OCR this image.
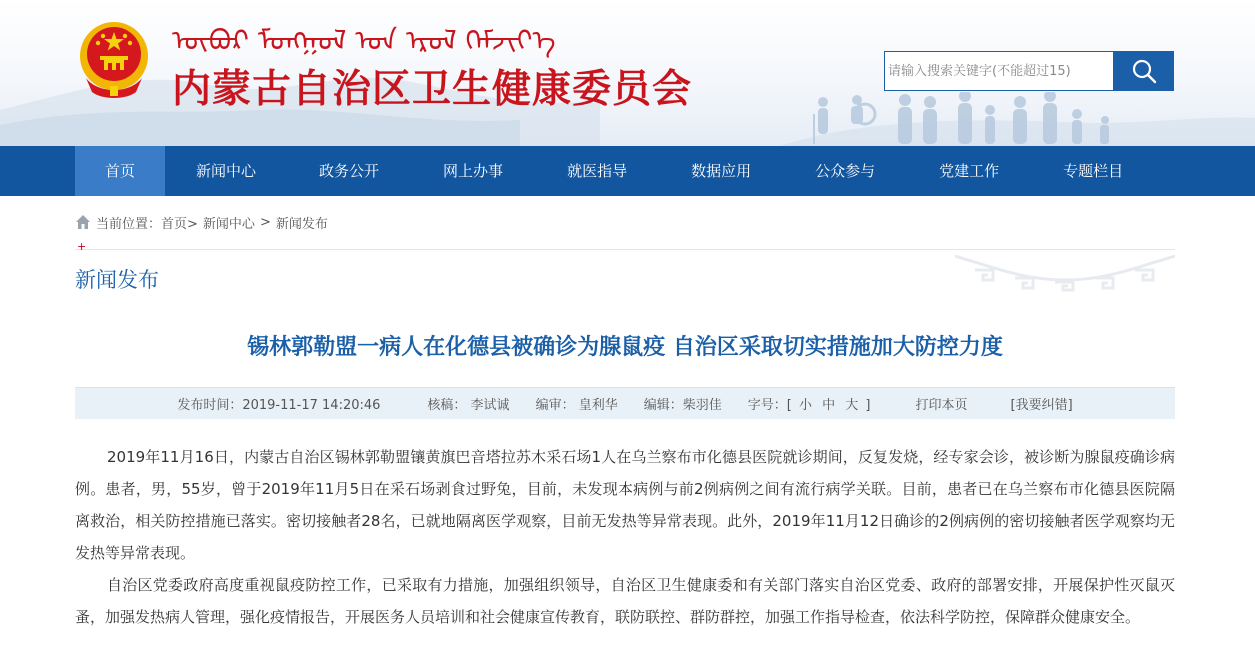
ᠥᠪᠦᠷ ᠮᠣᠩᠭᠣᠯ ᠤᠨ ᠡᠷᠦᠯ ᠬᠡᠮᠵᠢᠶ᠎ᠡ
内蒙古自治区卫生健康委员会
请输入搜索关键字(不能超过15)
首页	新闻中心	政务公开	网上办事	就医指导	数据应用	公众参与	党建工作	专题栏目
当前位置： 首页> 新闻中心 > 新闻发布
+
新闻发布
锡林郭勒盟一病人在化德县被确诊为腺鼠疫 自治区采取切实措施加大防控力度
发布时间：2019-11-17 14:20:46	核稿： 李试诚 编审： 皇利华 编辑：柴羽佳 字号：[ 小 中 大 ]	打印本页	[我要纠错]

2019年11月16日，内蒙古自治区锡林郭勒盟镶黄旗巴音塔拉苏木采石场1人在乌兰察布市化德县医院就诊期间，反复发烧，经专家会诊，被诊断为腺鼠疫确诊病例。患者，男，55岁，曾于2019年11月5日在采石场剥食过野兔，目前，未发现本病例与前2例病例之间有流行病学关联。目前，患者已在乌兰察布市化德县医院隔离救治，相关防控措施已落实。密切接触者28名，已就地隔离医学观察，目前无发热等异常表现。此外，2019年11月12日确诊的2例病例的密切接触者医学观察均无发热等异常表现。

自治区党委政府高度重视鼠疫防控工作，已采取有力措施，加强组织领导，自治区卫生健康委和有关部门落实自治区党委、政府的部署安排，开展保护性灭鼠灭蚤，加强发热病人管理，强化疫情报告，开展医务人员培训和社会健康宣传教育，联防联控、群防群控，加强工作指导检查，依法科学防控，保障群众健康安全。
